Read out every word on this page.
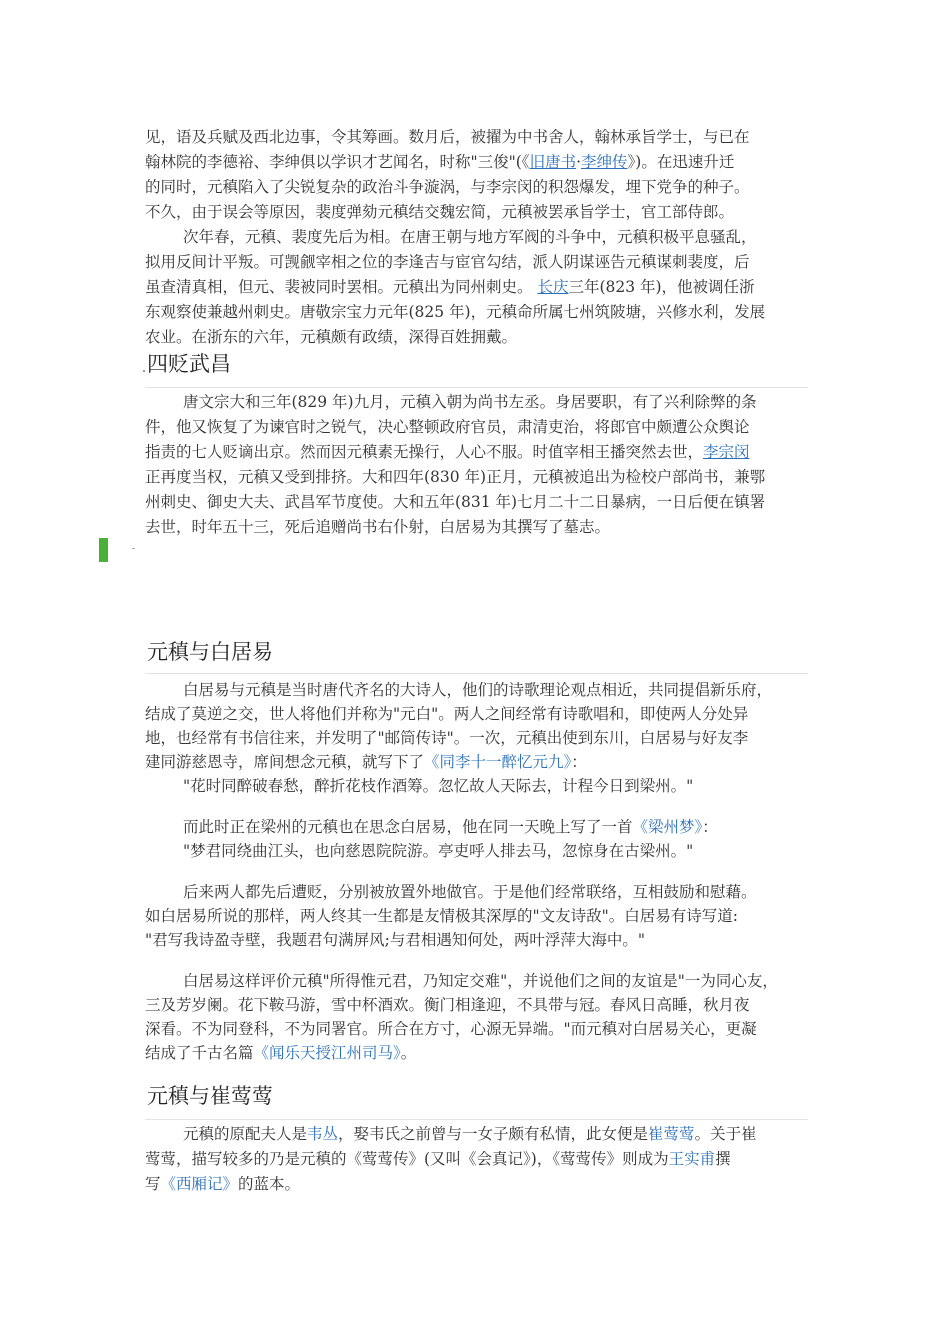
见，语及兵赋及西北边事，令其筹画。数月后，被擢为中书舍人，翰林承旨学士，与已在
翰林院的李德裕、李绅俱以学识才艺闻名，时称"三俊"(《旧唐书·李绅传》)。在迅速升迁
的同时，元稹陷入了尖锐复杂的政治斗争漩涡，与李宗闵的积怨爆发，埋下党争的种子。
不久，由于误会等原因，裴度弹劾元稹结交魏宏简，元稹被罢承旨学士，官工部侍郎。
次年春，元稹、裴度先后为相。在唐王朝与地方军阀的斗争中，元稹积极平息骚乱，
拟用反间计平叛。可觊觎宰相之位的李逢吉与宦官勾结，派人阴谋诬告元稹谋刺裴度，后
虽查清真相，但元、裴被同时罢相。元稹出为同州刺史。 长庆三年(823 年)，他被调任浙
东观察使兼越州刺史。唐敬宗宝力元年(825 年)，元稹命所属七州筑陂塘，兴修水利，发展
农业。在浙东的六年，元稹颇有政绩，深得百姓拥戴。
四贬武昌
唐文宗大和三年(829 年)九月，元稹入朝为尚书左丞。身居要职，有了兴利除弊的条
件，他又恢复了为谏官时之锐气，决心整顿政府官员，肃清吏治，将郎官中颇遭公众舆论
指责的七人贬谪出京。然而因元稹素无操行，人心不服。时值宰相王播突然去世，李宗闵
正再度当权，元稹又受到排挤。大和四年(830 年)正月，元稹被追出为检校户部尚书，兼鄂
州刺史、御史大夫、武昌军节度使。大和五年(831 年)七月二十二日暴病，一日后便在镇署
去世，时年五十三，死后追赠尚书右仆射，白居易为其撰写了墓志。
元稹与白居易
白居易与元稹是当时唐代齐名的大诗人，他们的诗歌理论观点相近，共同提倡新乐府，
结成了莫逆之交，世人将他们并称为"元白"。两人之间经常有诗歌唱和，即使两人分处异
地，也经常有书信往来，并发明了"邮筒传诗"。一次，元稹出使到东川，白居易与好友李
建同游慈恩寺，席间想念元稹，就写下了《同李十一醉忆元九》：
"花时同醉破春愁，醉折花枝作酒筹。忽忆故人天际去，计程今日到梁州。"
而此时正在梁州的元稹也在思念白居易，他在同一天晚上写了一首《梁州梦》：
"梦君同绕曲江头，也向慈恩院院游。亭吏呼人排去马，忽惊身在古梁州。"
后来两人都先后遭贬，分别被放置外地做官。于是他们经常联络，互相鼓励和慰藉。
如白居易所说的那样，两人终其一生都是友情极其深厚的"文友诗敌"。白居易有诗写道:
"君写我诗盈寺壁，我题君句满屏风;与君相遇知何处，两叶浮萍大海中。"
白居易这样评价元稹"所得惟元君，乃知定交难"，并说他们之间的友谊是"一为同心友，
三及芳岁阑。花下鞍马游，雪中杯酒欢。衡门相逢迎，不具带与冠。春风日高睡，秋月夜
深看。不为同登科，不为同署官。所合在方寸，心源无异端。"而元稹对白居易关心，更凝
结成了千古名篇《闻乐天授江州司马》。
元稹与崔莺莺
元稹的原配夫人是韦丛，娶韦氏之前曾与一女子颇有私情，此女便是崔莺莺。关于崔
莺莺，描写较多的乃是元稹的《莺莺传》(又叫《会真记》)，《莺莺传》则成为王实甫撰
写《西厢记》的蓝本。
